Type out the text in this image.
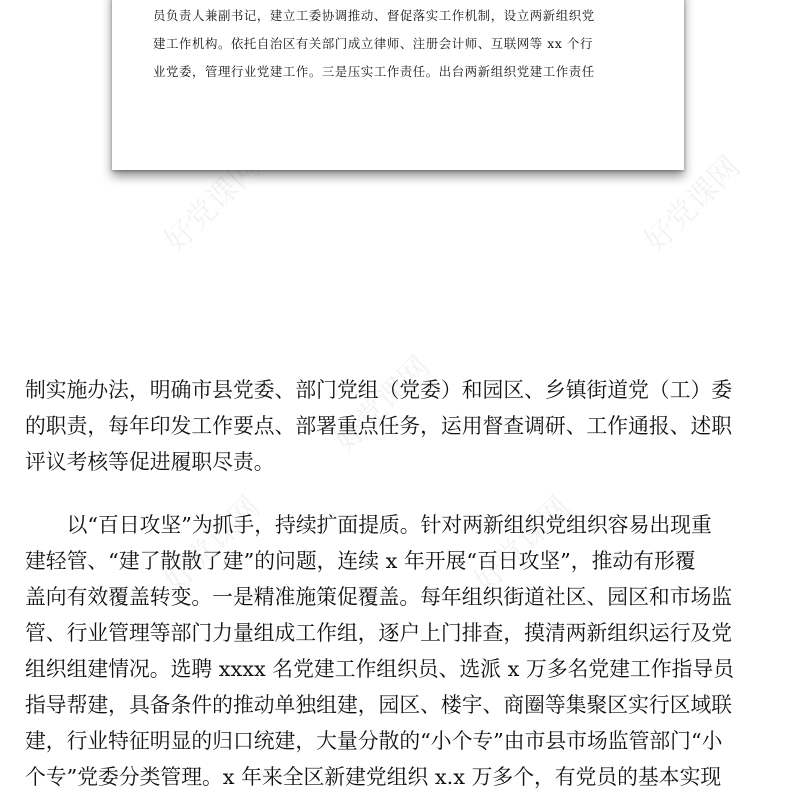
好党课网	好党课网
好党课网
好党课网	好党课网
员负责人兼副书记，建立工委协调推动、督促落实工作机制，设立两新组织党
建工作机构。依托自治区有关部门成立律师、注册会计师、互联网等 xx 个行
业党委，管理行业党建工作。三是压实工作责任。出台两新组织党建工作责任
制实施办法，明确市县党委、部门党组（党委）和园区、乡镇街道党（工）委
的职责，每年印发工作要点、部署重点任务，运用督查调研、工作通报、述职
评议考核等促进履职尽责。
　　以“百日攻坚”为抓手，持续扩面提质。针对两新组织党组织容易出现重
建轻管、“建了散散了建”的问题，连续 x 年开展“百日攻坚”，推动有形覆
盖向有效覆盖转变。一是精准施策促覆盖。每年组织街道社区、园区和市场监
管、行业管理等部门力量组成工作组，逐户上门排查，摸清两新组织运行及党
组织组建情况。选聘 xxxx 名党建工作组织员、选派 x 万多名党建工作指导员
指导帮建，具备条件的推动单独组建，园区、楼宇、商圈等集聚区实行区域联
建，行业特征明显的归口统建，大量分散的“小个专”由市县市场监管部门“小
个专”党委分类管理。x 年来全区新建党组织 x.x 万多个，有党员的基本实现
